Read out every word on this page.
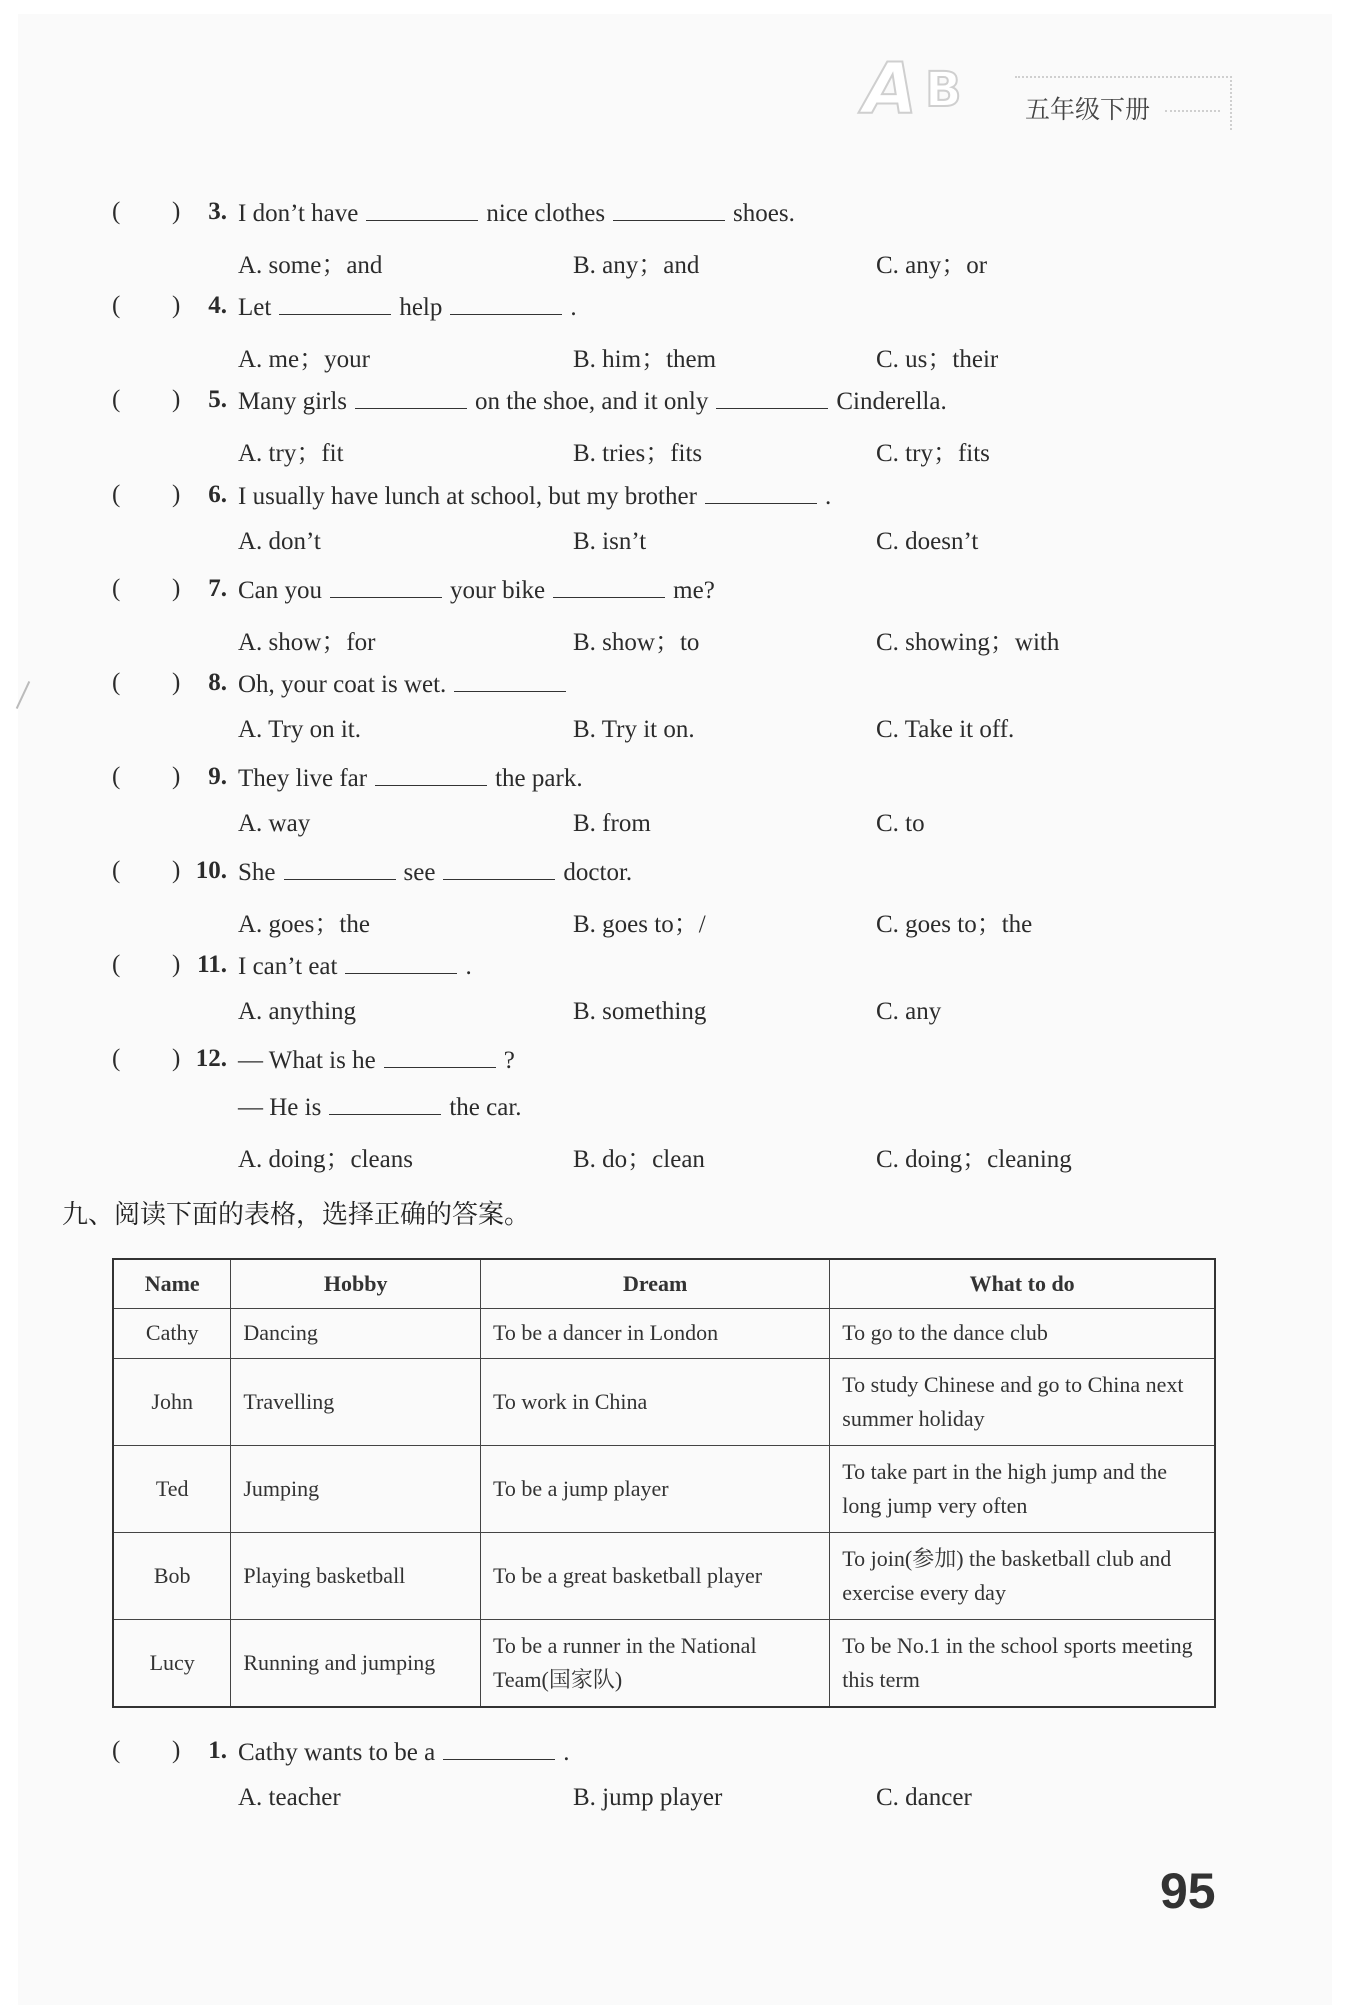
A B	五年级下册
( )	3. I don’t have	nice clothes	shoes.
A. some；and	B. any；and	C. any；or
( )	4. Let	help	.
A. me；your	B. him；them	C. us；their
( )	5. Many girls	on the shoe, and it only	Cinderella.
A. try；fit	B. tries；fits	C. try；fits
( )	6. I usually have lunch at school, but my brother	.
A. don’t	B. isn’t	C. doesn’t
( )	7. Can you	your bike	me?
A. show；for	B. show；to	C. showing；with
( )	8. Oh, your coat is wet.
A. Try on it.	B. Try it on.	C. Take it off.
( )	9. They live far	the park.
A. way	B. from	C. to
( ) 10. She	see	doctor.
A. goes；the	B. goes to；/	C. goes to；the
( ) 11. I can’t eat	.
A. anything	B. something	C. any
( ) 12. — What is he	?
— He is	the car.
A. doing；cleans	B. do；clean	C. doing；cleaning
九、阅读下面的表格，选择正确的答案。
Name	Hobby	Dream	What to do
Cathy	Dancing	To be a dancer in London	To go to the dance club
John	Travelling	To work in China	To study Chinese and go to China next summer holiday
Ted	Jumping	To be a jump player	To take part in the high jump and the long jump very often
Bob	Playing basketball	To be a great basketball player	To join(参加) the basketball club and exercise every day
Lucy	Running and jumping	To be a runner in the National Team(国家队)	To be No.1 in the school sports meeting this term
( )	1. Cathy wants to be a	.
A. teacher	B. jump player	C. dancer
95
